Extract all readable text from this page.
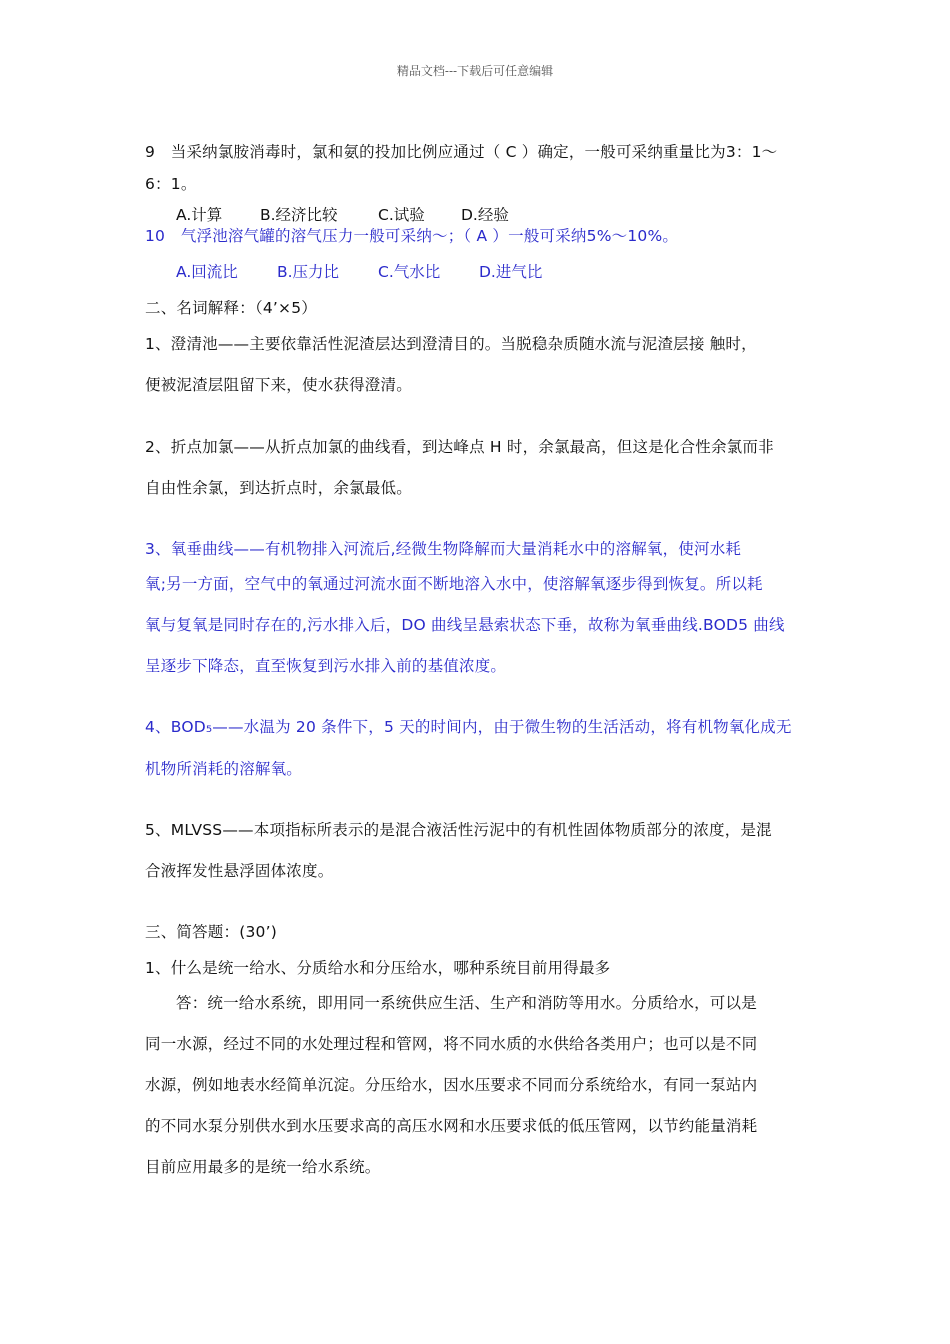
精品文档---下载后可任意编辑
9　当采纳氯胺消毒时，氯和氨的投加比例应通过（ C ）确定，一般可采纳重量比为3：1～
6：1。
A.计算 B.经济比较	C.试验 D.经验
10　气浮池溶气罐的溶气压力一般可采纳～；（ A ）一般可采纳5%～10%。
A.回流比	B.压力比	C.气水比	D.进气比
二、名词解释：（4’×5）
1、澄清池——主要依靠活性泥渣层达到澄清目的。当脱稳杂质随水流与泥渣层接 触时，
便被泥渣层阻留下来，使水获得澄清。
2、折点加氯——从折点加氯的曲线看，到达峰点 H 时，余氯最高，但这是化合性余氯而非
自由性余氯，到达折点时，余氯最低。
3、氧垂曲线——有机物排入河流后,经微生物降解而大量消耗水中的溶解氧，使河水耗
氧;另一方面，空气中的氧通过河流水面不断地溶入水中，使溶解氧逐步得到恢复。所以耗
氧与复氧是同时存在的,污水排入后，DO 曲线呈悬索状态下垂，故称为氧垂曲线.BOD5 曲线
呈逐步下降态，直至恢复到污水排入前的基值浓度。
4、BOD₅——水温为 20 条件下，5 天的时间内，由于微生物的生活活动，将有机物氧化成无
机物所消耗的溶解氧。
5、MLVSS——本项指标所表示的是混合液活性污泥中的有机性固体物质部分的浓度，是混
合液挥发性悬浮固体浓度。
三、简答题：(30’)
1、什么是统一给水、分质给水和分压给水，哪种系统目前用得最多
答：统一给水系统，即用同一系统供应生活、生产和消防等用水。分质给水，可以是
同一水源，经过不同的水处理过程和管网，将不同水质的水供给各类用户；也可以是不同
水源，例如地表水经简单沉淀。分压给水，因水压要求不同而分系统给水，有同一泵站内
的不同水泵分别供水到水压要求高的高压水网和水压要求低的低压管网，以节约能量消耗
目前应用最多的是统一给水系统。
